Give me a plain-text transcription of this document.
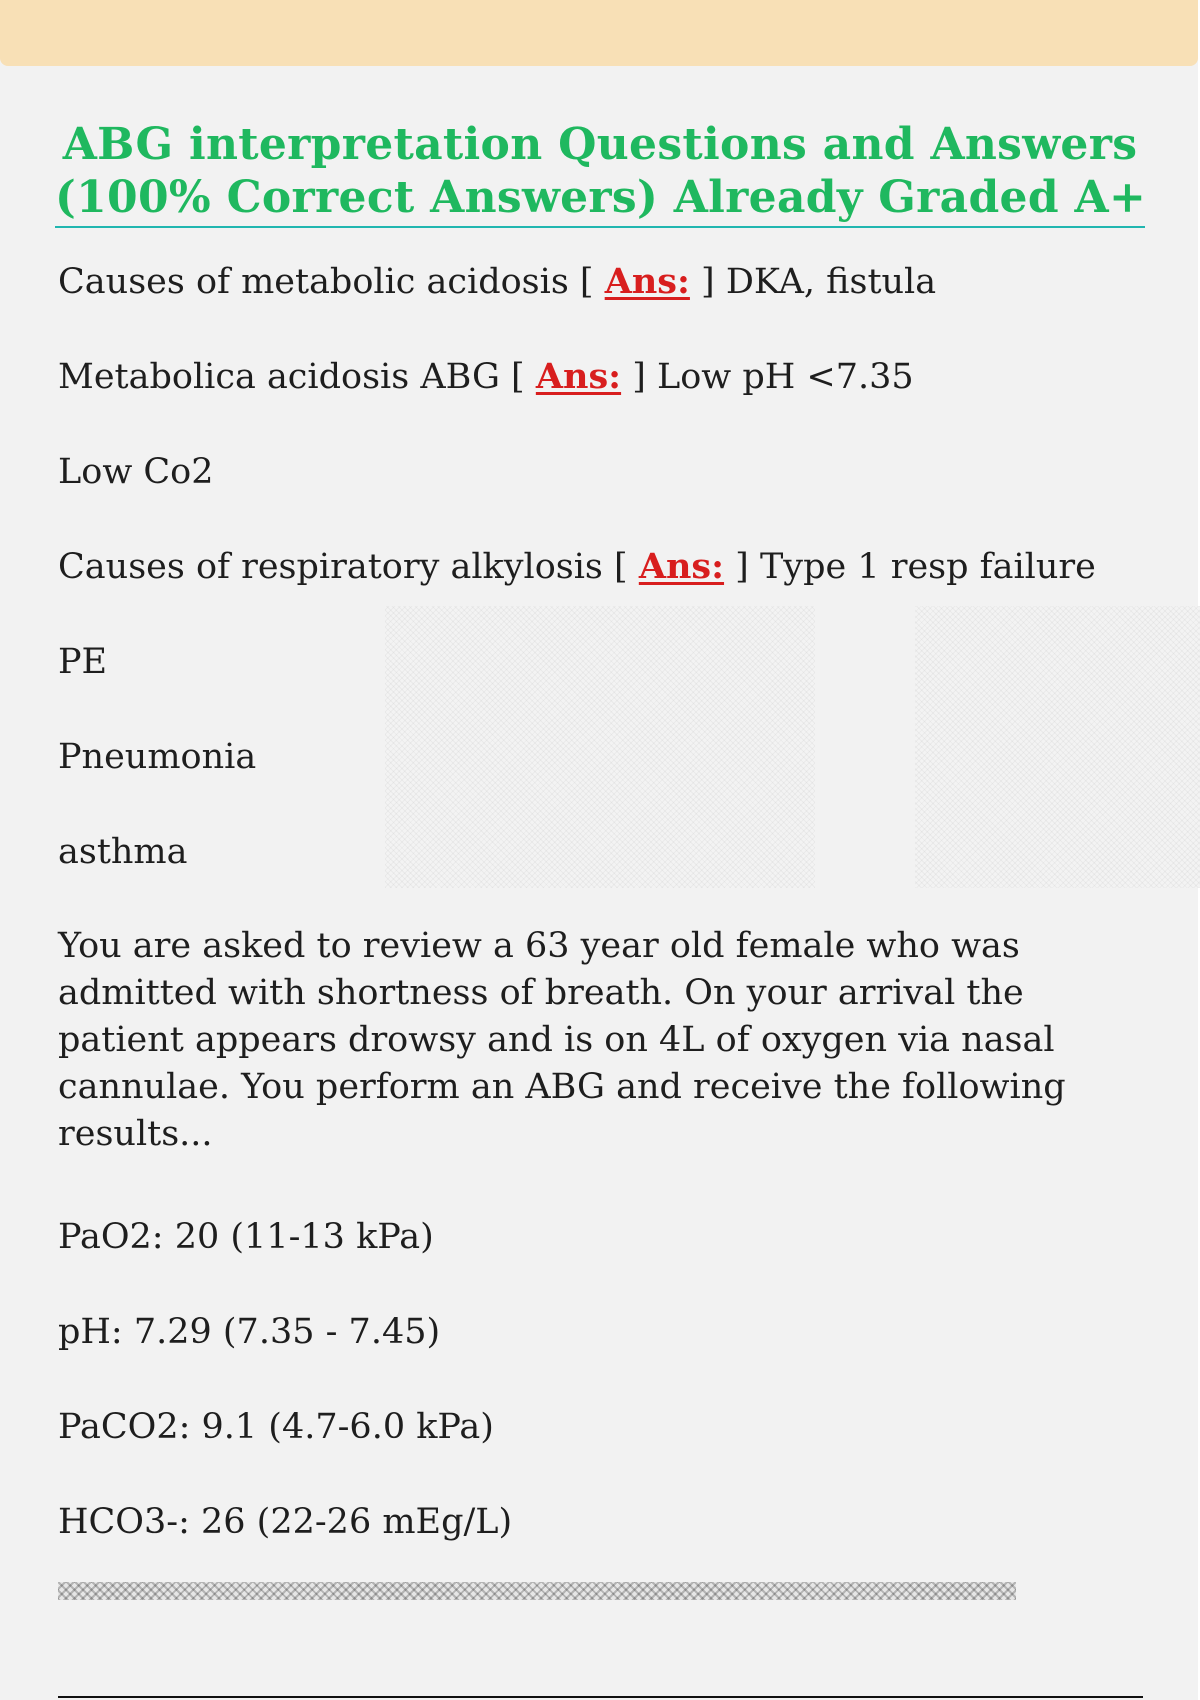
ABG interpretation Questions and Answers
(100% Correct Answers) Already Graded A+

Causes of metabolic acidosis [ Ans: ] DKA, fistula

Metabolica acidosis ABG [ Ans: ] Low pH <7.35

Low Co2

Causes of respiratory alkylosis [ Ans: ] Type 1 resp failure

PE

Pneumonia

asthma

You are asked to review a 63 year old female who was admitted with shortness of breath. On your arrival the patient appears drowsy and is on 4L of oxygen via nasal cannulae. You perform an ABG and receive the following results...

PaO2: 20 (11-13 kPa)

pH: 7.29 (7.35 - 7.45)

PaCO2: 9.1 (4.7-6.0 kPa)

HCO3-: 26 (22-26 mEg/L)
